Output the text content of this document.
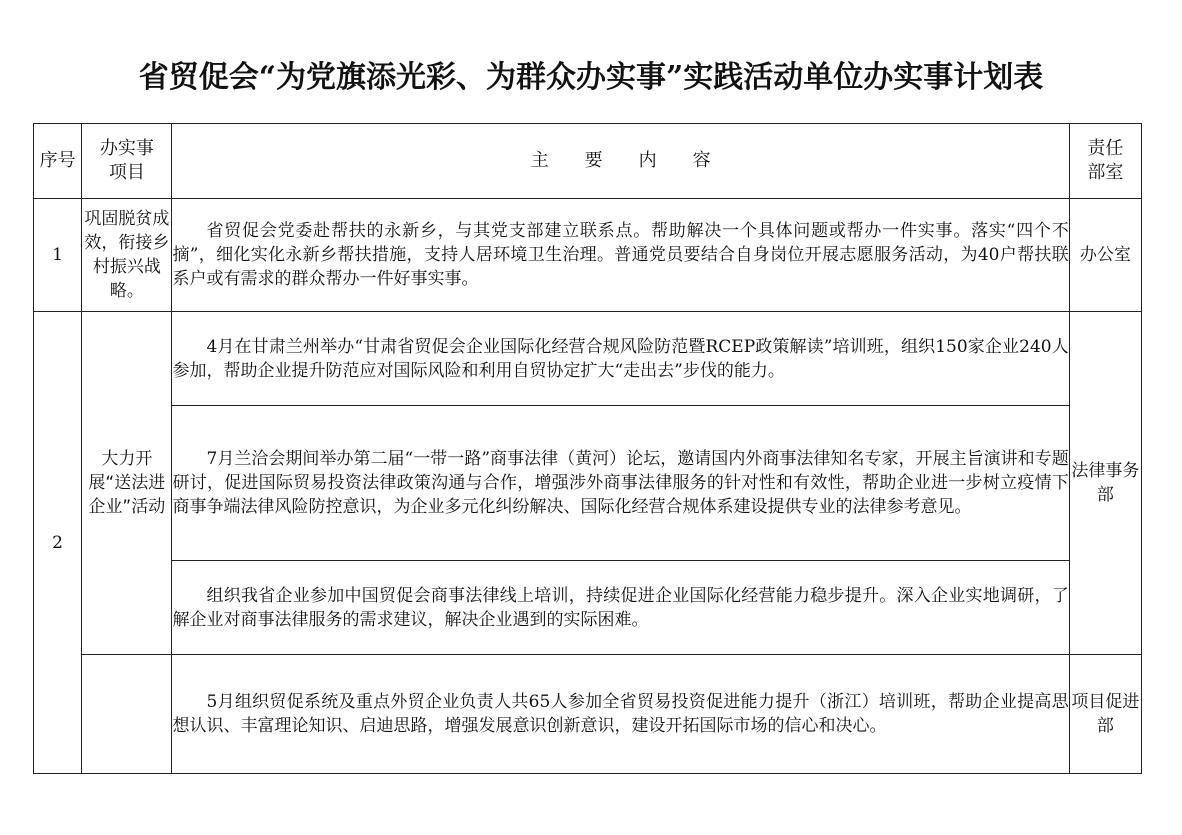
省贸促会“为党旗添光彩、为群众办实事”实践活动单位办实事计划表
序号	办实事项目	主要内容	责任部室

1	巩固脱贫成效，衔接乡村振兴战略。	省贸促会党委赴帮扶的永新乡，与其党支部建立联系点。帮助解决一个具体问题或帮办一件实事。落实“四个不摘”，细化实化永新乡帮扶措施，支持人居环境卫生治理。普通党员要结合自身岗位开展志愿服务活动，为40户帮扶联系户或有需求的群众帮办一件好事实事。	办公室
2	大力开展“送法进企业”活动	4月在甘肃兰州举办“甘肃省贸促会企业国际化经营合规风险防范暨RCEP政策解读”培训班，组织150家企业240人参加，帮助企业提升防范应对国际风险和利用自贸协定扩大“走出去”步伐的能力。	法律事务部

		7月兰洽会期间举办第二届“一带一路”商事法律（黄河）论坛，邀请国内外商事法律知名专家，开展主旨演讲和专题研讨，促进国际贸易投资法律政策沟通与合作，增强涉外商事法律服务的针对性和有效性，帮助企业进一步树立疫情下商事争端法律风险防控意识，为企业多元化纠纷解决、国际化经营合规体系建设提供专业的法律参考意见。	

		组织我省企业参加中国贸促会商事法律线上培训，持续促进企业国际化经营能力稳步提升。深入企业实地调研，了解企业对商事法律服务的需求建议，解决企业遇到的实际困难。	

		5月组织贸促系统及重点外贸企业负责人共65人参加全省贸易投资促进能力提升（浙江）培训班，帮助企业提高思想认识、丰富理论知识、启迪思路，增强发展意识创新意识，建设开拓国际市场的信心和决心。	项目促进部
